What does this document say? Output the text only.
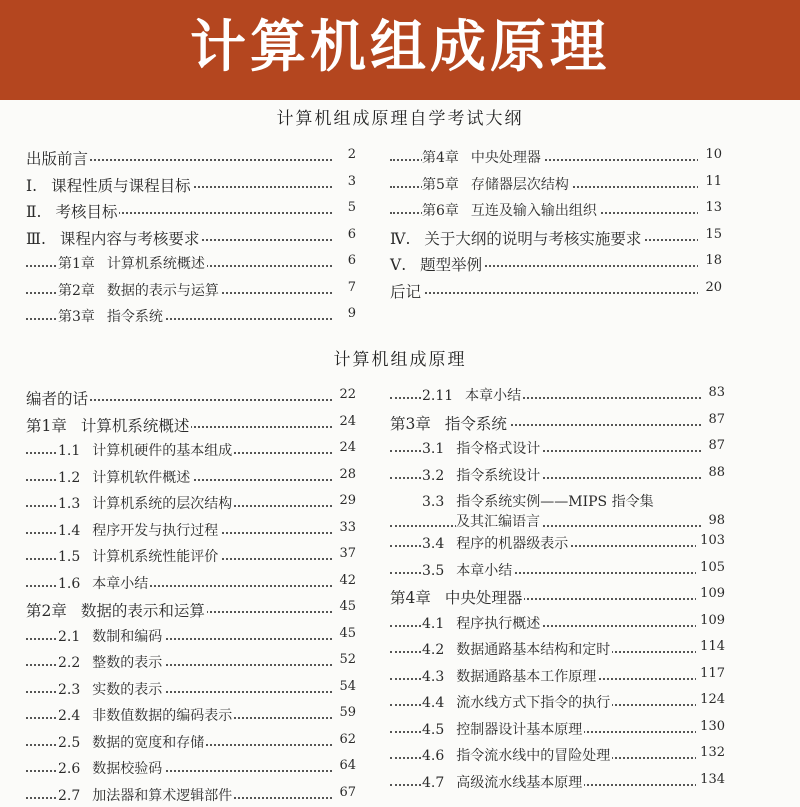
计算机组成原理
计算机组成原理自学考试大纲
出版前言	2
Ⅰ. 课程性质与课程目标	3
Ⅱ. 考核目标	5
Ⅲ. 课程内容与考核要求	6
第1章 计算机系统概述	6
第2章 数据的表示与运算	7
第3章 指令系统	9
第4章 中央处理器	10
第5章 存储器层次结构	11
第6章 互连及输入输出组织	13
Ⅳ. 关于大纲的说明与考核实施要求	15
Ⅴ. 题型举例	18
后记	20
计算机组成原理
编者的话	22
第1章 计算机系统概述	24
1.1 计算机硬件的基本组成	24
1.2 计算机软件概述	28
1.3 计算机系统的层次结构	29
1.4 程序开发与执行过程	33
1.5 计算机系统性能评价	37
1.6 本章小结	42
第2章 数据的表示和运算	45
2.1 数制和编码	45
2.2 整数的表示	52
2.3 实数的表示	54
2.4 非数值数据的编码表示	59
2.5 数据的宽度和存储	62
2.6 数据校验码	64
2.7 加法器和算术逻辑部件	67
2.11 本章小结	83
第3章 指令系统	87
3.1 指令格式设计	87
3.2 指令系统设计	88
3.3 指令系统实例——MIPS 指令集
及其汇编语言	98
3.4 程序的机器级表示	103
3.5 本章小结	105
第4章 中央处理器	109
4.1 程序执行概述	109
4.2 数据通路基本结构和定时	114
4.3 数据通路基本工作原理	117
4.4 流水线方式下指令的执行	124
4.5 控制器设计基本原理	130
4.6 指令流水线中的冒险处理	132
4.7 高级流水线基本原理	134
